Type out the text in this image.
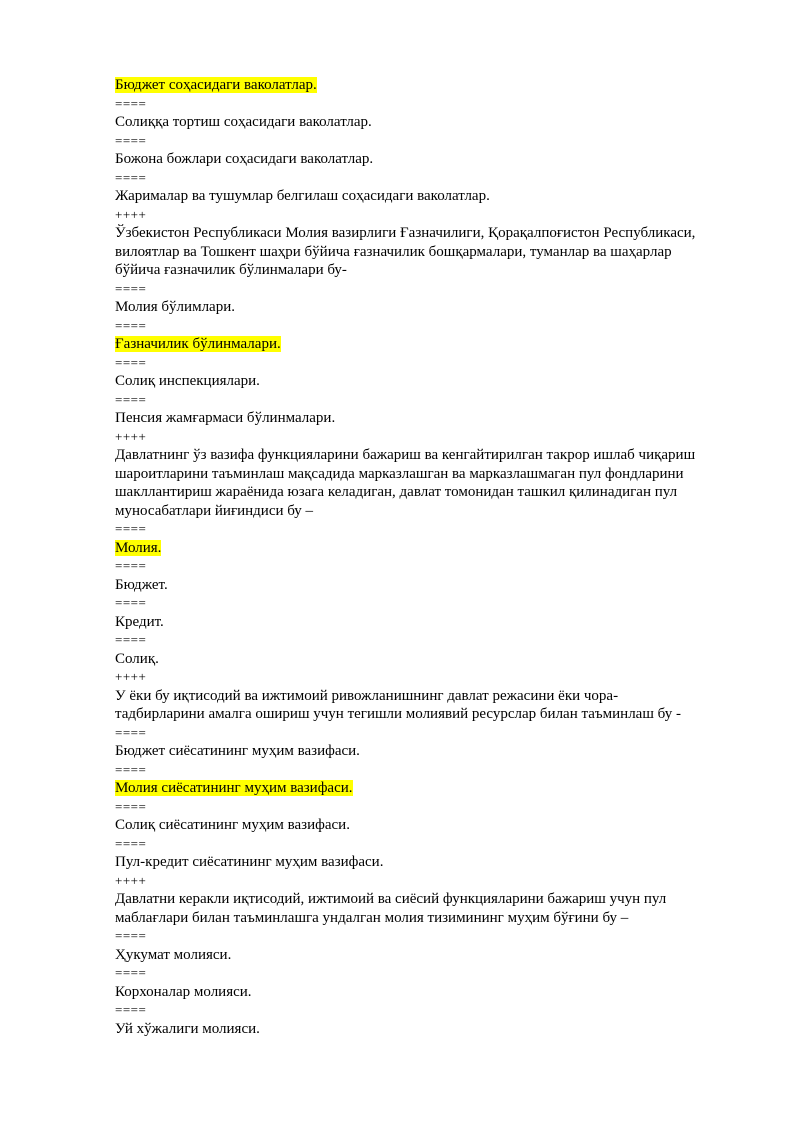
Бюджет соҳасидаги ваколатлар.
====
Солиққа тортиш соҳасидаги ваколатлар.
====
Божона божлари соҳасидаги ваколатлар.
====
Жарималар ва тушумлар белгилаш соҳасидаги ваколатлар.
++++
Ўзбекистон Республикаси Молия вазирлиги Ғазначилиги, Қорақалпоғистон Республикаси,
вилоятлар ва Тошкент шаҳри бўйича ғазначилик бошқармалари, туманлар ва шаҳарлар
бўйича ғазначилик бўлинмалари бу-
====
Молия бўлимлари.
====
Ғазначилик бўлинмалари.
====
Солиқ инспекциялари.
====
Пенсия жамғармаси бўлинмалари.
++++
Давлатнинг ўз вазифа функцияларини бажариш ва кенгайтирилган такрор ишлаб чиқариш
шароитларини таъминлаш мақсадида марказлашган ва марказлашмаган пул фондларини
шакллантириш жараёнида юзага келадиган, давлат томонидан ташкил қилинадиган пул
муносабатлари йиғиндиси бу –
====
Молия.
====
Бюджет.
====
Кредит.
====
Солиқ.
++++
У ёки бу иқтисодий ва ижтимоий ривожланишнинг давлат режасини ёки чора-
тадбирларини амалга ошириш учун тегишли молиявий ресурслар билан таъминлаш бу -
====
Бюджет сиёсатининг муҳим вазифаси.
====
Молия сиёсатининг муҳим вазифаси.
====
Солиқ сиёсатининг муҳим вазифаси.
====
Пул-кредит сиёсатининг муҳим вазифаси.
++++
Давлатни керакли иқтисодий, ижтимоий ва сиёсий функцияларини бажариш учун пул
маблағлари билан таъминлашга ундалган молия тизимининг муҳим бўғини бу –
====
Ҳукумат молияси.
====
Корхоналар молияси.
====
Уй хўжалиги молияси.
